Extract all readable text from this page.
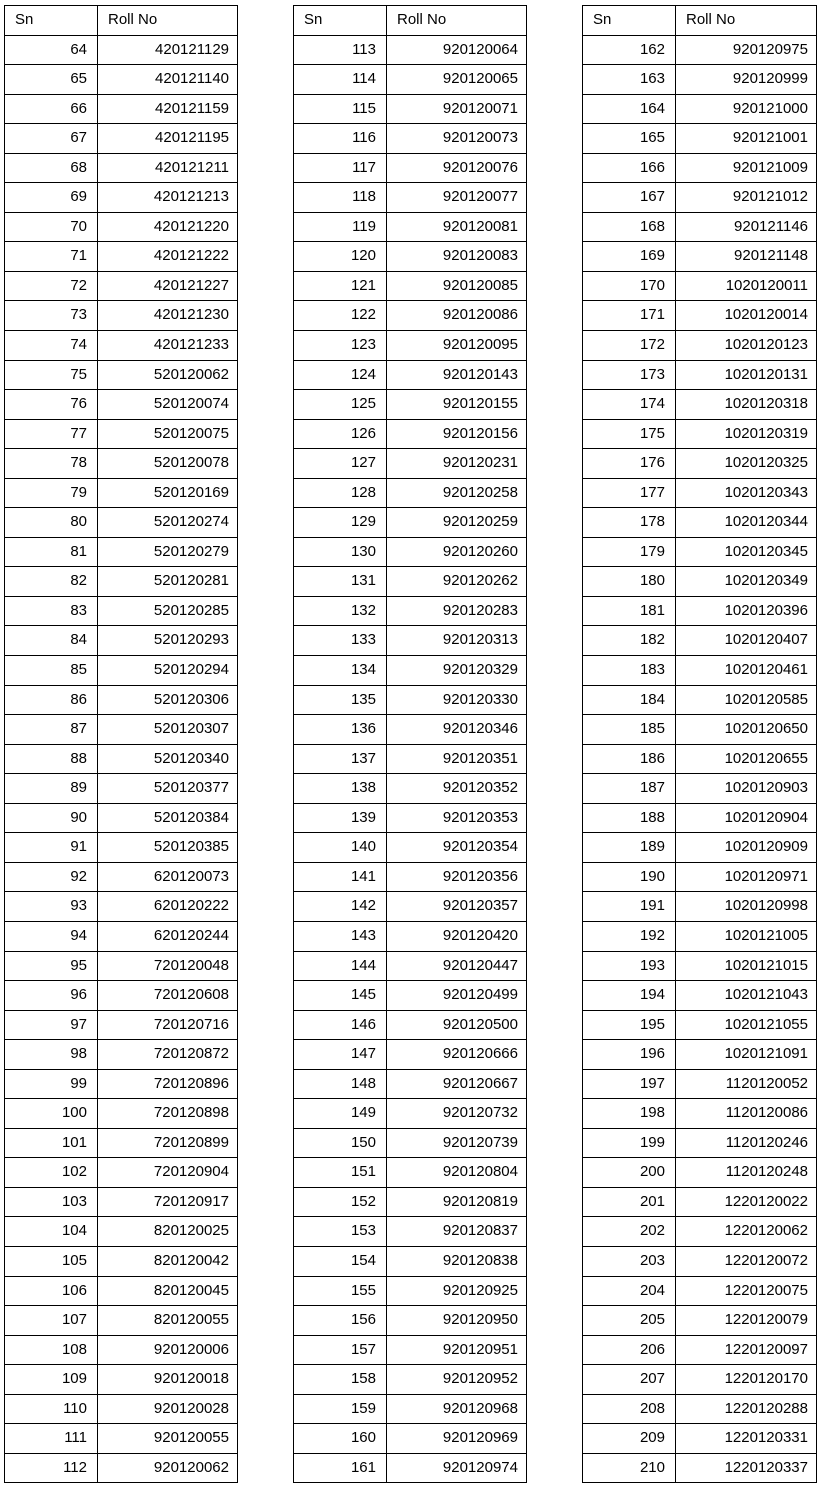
Sn	Roll No
64	420121129
65	420121140
66	420121159
67	420121195
68	420121211
69	420121213
70	420121220
71	420121222
72	420121227
73	420121230
74	420121233
75	520120062
76	520120074
77	520120075
78	520120078
79	520120169
80	520120274
81	520120279
82	520120281
83	520120285
84	520120293
85	520120294
86	520120306
87	520120307
88	520120340
89	520120377
90	520120384
91	520120385
92	620120073
93	620120222
94	620120244
95	720120048
96	720120608
97	720120716
98	720120872
99	720120896
100	720120898
101	720120899
102	720120904
103	720120917
104	820120025
105	820120042
106	820120045
107	820120055
108	920120006
109	920120018
110	920120028
111	920120055
112	920120062
Sn	Roll No
113	920120064
114	920120065
115	920120071
116	920120073
117	920120076
118	920120077
119	920120081
120	920120083
121	920120085
122	920120086
123	920120095
124	920120143
125	920120155
126	920120156
127	920120231
128	920120258
129	920120259
130	920120260
131	920120262
132	920120283
133	920120313
134	920120329
135	920120330
136	920120346
137	920120351
138	920120352
139	920120353
140	920120354
141	920120356
142	920120357
143	920120420
144	920120447
145	920120499
146	920120500
147	920120666
148	920120667
149	920120732
150	920120739
151	920120804
152	920120819
153	920120837
154	920120838
155	920120925
156	920120950
157	920120951
158	920120952
159	920120968
160	920120969
161	920120974
Sn	Roll No
162	920120975
163	920120999
164	920121000
165	920121001
166	920121009
167	920121012
168	920121146
169	920121148
170	1020120011
171	1020120014
172	1020120123
173	1020120131
174	1020120318
175	1020120319
176	1020120325
177	1020120343
178	1020120344
179	1020120345
180	1020120349
181	1020120396
182	1020120407
183	1020120461
184	1020120585
185	1020120650
186	1020120655
187	1020120903
188	1020120904
189	1020120909
190	1020120971
191	1020120998
192	1020121005
193	1020121015
194	1020121043
195	1020121055
196	1020121091
197	1120120052
198	1120120086
199	1120120246
200	1120120248
201	1220120022
202	1220120062
203	1220120072
204	1220120075
205	1220120079
206	1220120097
207	1220120170
208	1220120288
209	1220120331
210	1220120337
